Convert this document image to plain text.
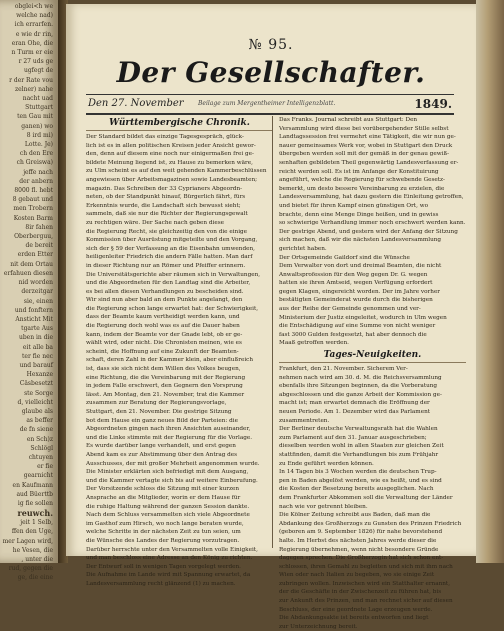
obglei<h we
welche nad)
ich errarfen.
e wie dr rin,
eran Ohe, die
n Turm er eie
r 27 uds ge
ugfegt de
r der Rate vou
zelner) nahe
nacht uad
Stuttgart
ten Gau mit
ganen) wo
8 ird mi)
Lotte. Je)
ch den Ere
ch Greiswa)
jeffe nach
der anbern
8000 fl. hebt
8 gebaut und
men Trobern
Kosten Barm
8ir fahen
Oberberguu,
de bereit
erden Etter
nit dem Ortau
erfahuen diesen
nid worden
derzeitgar
sie, einen
und fonftern
Ansticht Mit
tgarte Aus
uben in die
eit alle ba
ter fie nec
und barauf
Hexanze
Cäsbesetzt
ste Sorge
d, vielleicht
glaube als
as beffer
de fn siene
en Sch)z
Schlögl
chtuyen
er fie
gearnicht
en Kaufmann
aud Büerttb
ig fie sollen
reuwch.
jeit 1 Selb,
ffen den Uge,
mer Lagen wird,
he Vesen, die
, unter die
rud, gegen die
ge, die eine
№ 95.
Der Gesellschafter.
Den 27. November Beilage zum Mergentheimer Intelligenzblatt.	1849.
Württembergische Chronik.
Der Standard bildet das einzige Tagesgespräch, glück-
lich ist es in allen politischen Kreisen jeder Ansicht gewor-
den, denn auf diesem eine noch nur einigermaßen frei ge-
bildete Meinung liegend ist, zu Hause zu bemerken wäre,
zu Ulm scheint es auf den weit gehenden Kammerbeschlüssen
angewiesen über Arbeitsmagazinen sowie Landesbeamten;
magazin. Das Schreiben der 33 Cyprianers Abgeordn-
neten, ob der Standpunkt hinauf, Bürgerlich fährt, fürs
Erkenntnis wurde, die Landschaft sich bewusst sieht;
sammeln, daß sie nur die Richter der Regierungsgewalt
zu rechtigen wäre. Der Sache nach geben diese
die Regierung Recht, sie gleichzeitig den von die einige
Kommission über Ausrüstung mitgeteilte und den Vorgang,
sich der § 59 der Verfassung an die Eisenbahn umwenden,
heiligenleiter Friedrich die andern Fälle hatten. Man darf
in dieser Richtung nur an Römer und Pfeiffer erinnern.
Die Universitätsgerichte aber räumen sich in Verwaltungen,
und die Abgeordneten für den Landtag sind die Arbeiter,
es bei allen diesen Verhandlungen zu bescheiden sind.
Wir sind nun aber bald an dem Punkte angelangt, den
die Regierung schon lange erwartet hat: der Schwierigkeit,
dass der Beamte kaum vertheidigt werden kann, und
die Regierung doch wohl was es auf die Dauer haben
kann, indem der Beamte vor der Gnade lebt, ob er ge-
wählt wird, oder nicht. Die Chronisten meinen, wie es
scheint, die Hoffnung auf eine Zukunft der Beamten-
schaft, deren Zahl in der Kammer klein, aber einflußreich
ist, dass sie sich nicht dem Willen des Volkes beugen,
eine Richtung, die die Vereinbarung mit der Regierung
in jedem Falle erschwert, den Gegnern den Vorsprung
lässt. Am Montag, den 21. November, trat die Kammer
zusammen zur Beratung der Regierungsvorlage,
Stuttgart, den 21. November. Die gestrige Sitzung
bot dem Hause ein ganz neues Bild der Parteien: die
Abgeordneten gingen nach ihren Ansichten auseinander,
und die Linke stimmte mit der Regierung für die Vorlage.
Es wurde darüber lange verhandelt, und erst gegen
Abend kam es zur Abstimmung über den Antrag des
Ausschusses, der mit großer Mehrheit angenommen wurde.
Die Minister erklärten sich befriedigt mit dem Ausgang,
und die Kammer vertagte sich bis auf weitere Einberufung.
Der Vorsitzende schloss die Sitzung mit einer kurzen
Ansprache an die Mitglieder, worin er dem Hause für
die ruhige Haltung während der ganzen Session dankte.
Nach dem Schluss versammelten sich viele Abgeordnete
im Gasthof zum Hirsch, wo noch lange beraten wurde,
welche Schritte in der nächsten Zeit zu tun seien, um
die Wünsche des Landes der Regierung vorzutragen.
Darüber herrschte unter den Versammelten volle Einigkeit,
und man beschloss eine Adresse an den König zu richten.
Der Entwurf soll in wenigen Tagen vorgelegt werden.
Die Aufnahme im Lande wird mit Spannung erwartet, da
Landesversammlung recht glänzend (1) zu machen.
Das Franks. Journal schreibt aus Stuttgart: Den
Versammlung wird diese bei vorübergehender Stille selbst
Landtagssession frei vermehrt eine Tätigkeit, die wir nun ge-
nauer gemeinsames Werk vor, wobei in Stuttgart den Druck
übergeben werden soll mit der gemäß in der genau gewiß-
senhaften gebildeten Theil gegenwärtig Landesverfassung er-
reicht werden soll. Es ist im Anfange der Konstituirung
angeführt, welche die Regierung für schwebende Gesetz-
bemerkt, um desto bessere Vereinbarung zu erzielen, die
Landesversammlung, hat dazu gestern die Einleitung getroffen,
und bietet für ihren Kampf einen günstigen Ort, wo
brachte, denn eine Menge Dinge heißen, und in gewiss
so schwierige Verhandlung immer noch erschwert werden kann.
Der gestrige Abend, und gestern wird der Anfang der Sitzung
sich machen, daß wir die nächsten Landesversammlung
gerichtet haben.
Der Ortsgemeinde Gaildorf sind die Wünsche
Dem Verwalter von dort und dreimal Beamten, die nicht
Anwaltsprofession für den Weg gegen Dr. G. wegen
hatten sie ihren Amtseid, wegen Verfügung erfordert
gegen Klagen, eingereicht worden. Der im Jahre vorher
bestätigten Gemeinderat wurde durch die bisherigen
aus der Reihe der Gemeinde genommen und ver-
Ministerium der Justiz eingeleitet, wodurch in Ulm wegen
die Entschädigung auf eine Summe von nicht weniger
fast 3000 Gulden festgesetzt, hat aber dennoch die
Maaß getroffen werden.
Tages-Neuigkeiten.
Frankfurt, den 21. November. Sicherem Ver-
nehmen nach wird am 30. d. M. die Reichsversammlung
ebenfalls ihre Sitzungen beginnen, da die Vorberatung
abgeschlossen und die ganze Arbeit der Kommission ge-
macht ist; man erwartet demnach die Eröffnung der
neuen Periode. Am 1. Dezember wird das Parlament
zusammentreten.
Der Berliner deutsche Verwaltungsrath hat die Wahlen
zum Parlament auf den 31. Januar ausgeschrieben;
dieselben werden wohl in allen Staaten zur gleichen Zeit
stattfinden, damit die Verhandlungen bis zum Frühjahr
zu Ende geführt werden können.
In 14 Tagen bis 3 Wochen werden die deutschen Trup-
pen in Baden abgelöst werden, wie es heißt, und es sind
die Kosten der Besetzung bereits ausgeglichen. Nach
dem Frankfurter Abkommen soll die Verwaltung der Länder
nach wie vor getrennt bleiben.
Die Kölner Zeitung schreibt aus Baden, daß man die
Abdankung des Großherzogs zu Gunsten des Prinzen Friedrich
(geboren am 9. September 1826) für nahe bevorstehend
halte. Im Herbst des nächsten Jahres werde dieser die
Regierung übernehmen, wenn nicht besondere Gründe
dagegen sprechen. Die Großherzogin hat sich schon ent-
schlossen, ihren Gemahl zu begleiten und sich mit ihm nach
Wien oder nach Italien zu begeben, wo sie einige Zeit
zubringen wollen. Inzwischen wird ein Statthalter ernannt,
der die Geschäfte in der Zwischenzeit zu führen hat, bis
zur Ankunft des Prinzen, und man rechnet sicher auf diesen
Beschluss, der eine geordnete Lage erzeugen werde.
Die Abdankungsakte ist bereits entworfen und liegt
zur Unterzeichnung bereit.
